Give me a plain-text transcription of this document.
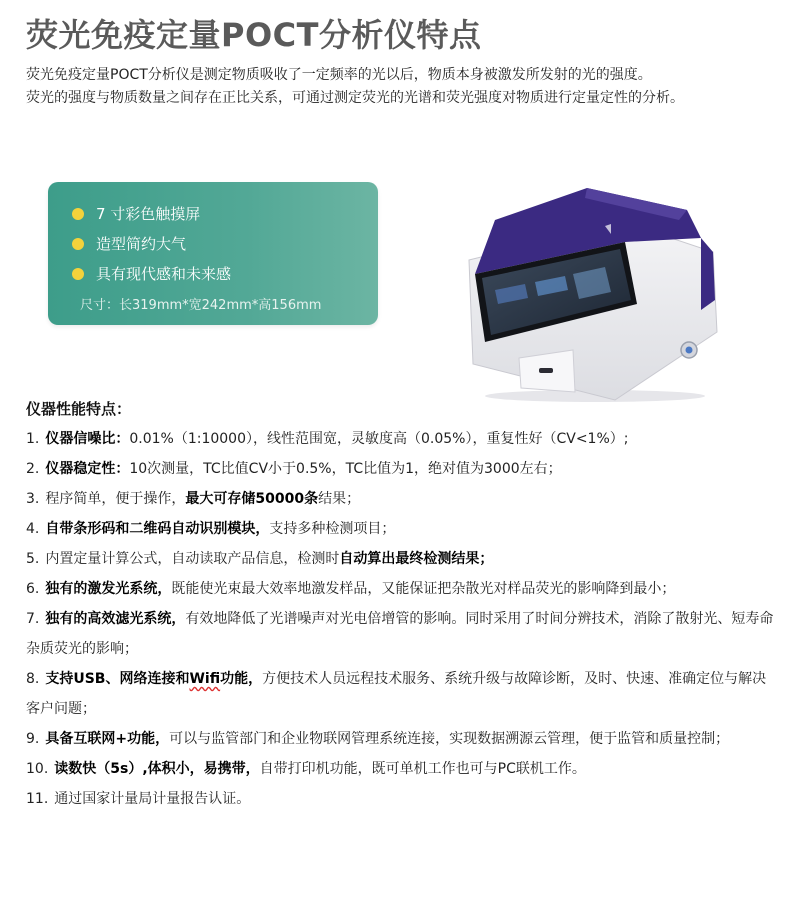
荧光免疫定量POCT分析仪特点

荧光免疫定量POCT分析仪是测定物质吸收了一定频率的光以后，物质本身被激发所发射的光的强度。

荧光的强度与物质数量之间存在正比关系，可通过测定荧光的光谱和荧光强度对物质进行定量定性的分析。

7 寸彩色触摸屏
造型简约大气
具有现代感和未来感
尺寸：长319mm*宽242mm*高156mm
仪器性能特点：

1. 仪器信噪比：0.01%（1:10000），线性范围宽，灵敏度高（0.05%），重复性好（CV<1%）;

2. 仪器稳定性：10次测量，TC比值CV小于0.5%，TC比值为1，绝对值为3000左右；

3. 程序简单，便于操作，最大可存储50000条结果；

4. 自带条形码和二维码自动识别模块，支持多种检测项目；

5. 内置定量计算公式，自动读取产品信息，检测时自动算出最终检测结果；

6. 独有的激发光系统，既能使光束最大效率地激发样品，又能保证把杂散光对样品荧光的影响降到最小；

7. 独有的高效滤光系统，有效地降低了光谱噪声对光电倍增管的影响。同时采用了时间分辨技术，消除了散射光、短寿命杂质荧光的影响；

8. 支持USB、网络连接和Wifi功能，方便技术人员远程技术服务、系统升级与故障诊断，及时、快速、准确定位与解决客户问题；

9. 具备互联网+功能，可以与监管部门和企业物联网管理系统连接，实现数据溯源云管理，便于监管和质量控制；

10. 读数快（5s）,体积小，易携带，自带打印机功能，既可单机工作也可与PC联机工作。

11. 通过国家计量局计量报告认证。
